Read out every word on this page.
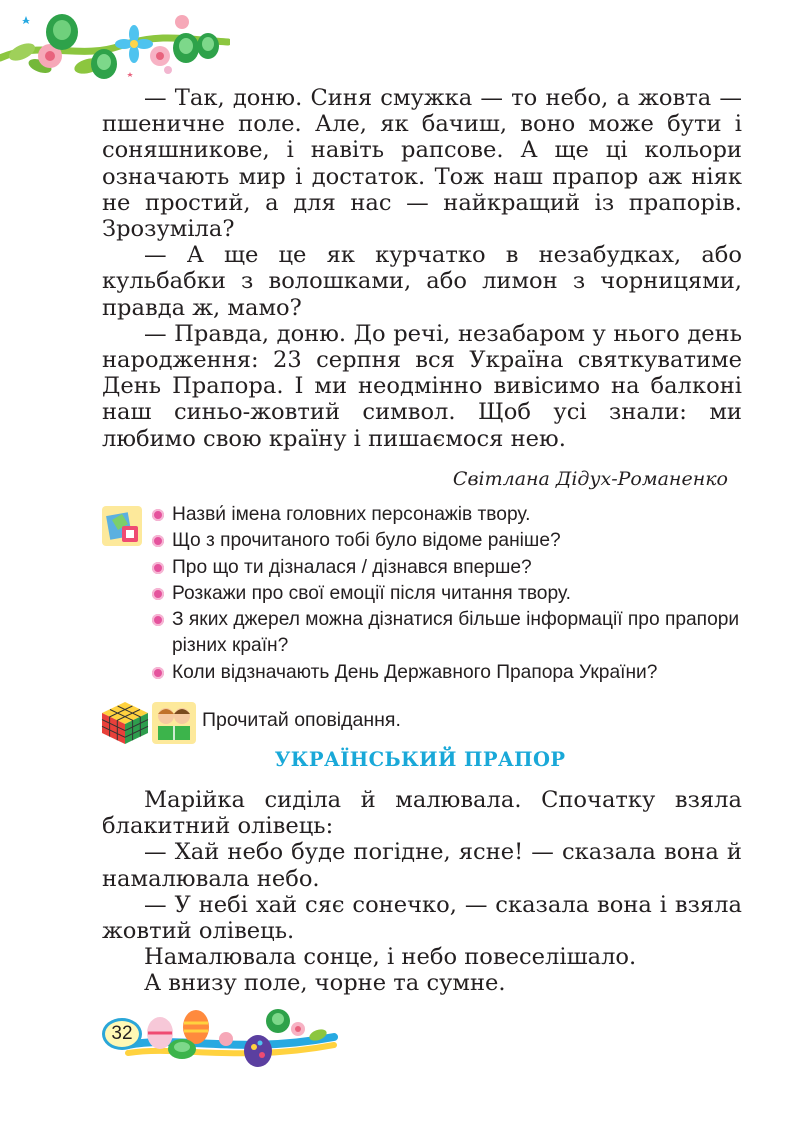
— Так, доню. Синя смужка — то небо, а жовта — пшеничне поле. Але, як бачиш, воно може бути і соняшникове, і навіть рапсове. А ще ці кольори означають мир і достаток. Тож наш прапор аж ніяк не простий, а для нас — найкращий із прапорів. Зрозуміла?

— А ще це як курчатко в незабудках, або кульбабки з волошками, або лимон з чорницями, правда ж, мамо?

— Правда, доню. До речі, незабаром у нього день народження: 23 серпня вся Україна святкуватиме День Прапора. І ми неодмінно вивісимо на балконі наш синьо-жовтий символ. Щоб усі знали: ми любимо свою країну і пишаємося нею.

Світлана Дідух-Романенко
Назви́ імена головних персонажів твору.
Що з прочитаного тобі було відоме раніше?
Про що ти дізналася / дізнався вперше?
Розкажи про свої емоції після читання твору.
З яких джерел можна дізнатися більше інформації про прапори різних країн?
Коли відзначають День Державного Прапора України?
Прочитай оповідання.
УКРАЇНСЬКИЙ ПРАПОР

Марійка сиділа й малювала. Спочатку взяла блакитний олівець:

— Хай небо буде погідне, ясне! — сказала вона й намалювала небо.

— У небі хай сяє сонечко, — сказала вона і взяла жовтий олівець.

Намалювала сонце, і небо повеселішало.

А внизу поле, чорне та сумне.

32
